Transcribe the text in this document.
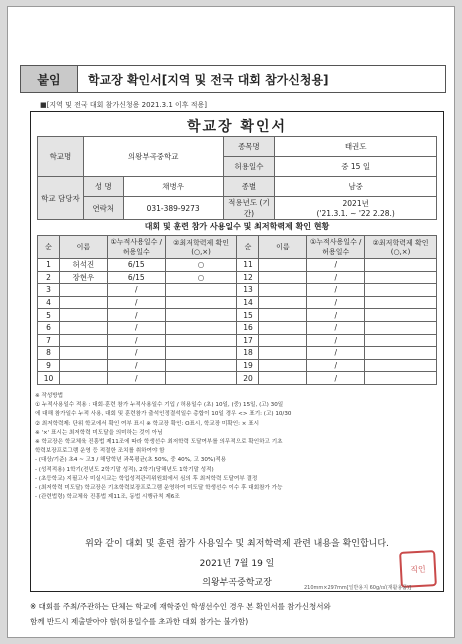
붙임	학교장 확인서[지역 및 전국 대회 참가신청용]
■[지역 및 전국 대회 참가신청용 2021.3.1 이후 적용]
학교장 확인서
학교명	의왕부곡중학교		종목명	태권도
			허용일수	중 15 일
학교 담당자	성 명	채병우	종별	남중
	연락처	031-389-9273	적용년도 (기간)	2021년
('21.3.1. ~ '22 2.28.)
대회 및 훈련 참가 사용일수 및 최저학력제 확인 현황
순	이름	①누적사용일수 /허용일수	②최저학력제 확인(○,×)	순	이름	①누적사용일수 /허용일수	②최저학력제 확인(○,×)
1	허석진	6/15	○	11		/	
2	장현우	6/15	○	12		/	
3		/		13		/	
4		/		14		/	
5		/		15		/	
6		/		16		/	
7		/		17		/	
8		/		18		/	
9		/		19		/	
10		/		20		/	
※ 작성방법
① 누적사용일수 적용 : 대회·훈련 참가 누적사용일수 기입 / 허용일수 (초) 10일, (중) 15일, (고) 30일
에 대해 참가일수 누적 사용, 대회 및 훈련참가 출석인정결석일수 총합이 10일 경우 <> 표기: (고) 10/30
② 최저학력제: 단위 학교에서 확인 여부 표시 ※ 학교장 확인: O표시, 학교장 미확인: × 표시
※ '×' 표시는 최저학력 미도달을 의미하는 것이 아님
※ 학교장은 학교체육 진흥법 제11조에 따라 학생선수 최저학력 도달여부를 의무적으로 확인하고 기초
학력보장프로그램 운영 등 적절한 조치를 취하여야 함
- (대상/기준) 초4 ~ 고3 / 해당학년 과목평균(초 50%, 중 40%, 고 30%)적용
- (성적적용) 1학기(전년도 2학기말 성적), 2학기(당해년도 1학기말 성적)
- (초등학교) 지필고사 미실시교는 학업성적관리위원회에서 심의 후 최저학력 도달여부 결정
- (최저학력 미도달) 학교장은 기초학력보장프로그램 운영하여 미도달 학생선수 이수 후 대회참가 가능
- (관련법령) 학교체육 진흥법 제11조, 동법 시행규칙 제6조
위와 같이 대회 및 훈련 참가 사용일수 및 최저학력제 관련 내용을 확인합니다.
2021년 7월 19 일
의왕부곡중학교장
직인
210mm×297mm[일반용지 60g/㎡(재활용품)]
※ 대회를 주최/주관하는 단체는 학교에 재학중인 학생선수인 경우 본 확인서를 참가신청서와
함께 반드시 제출받아야 함(허용일수를 초과한 대회 참가는 불가함)
